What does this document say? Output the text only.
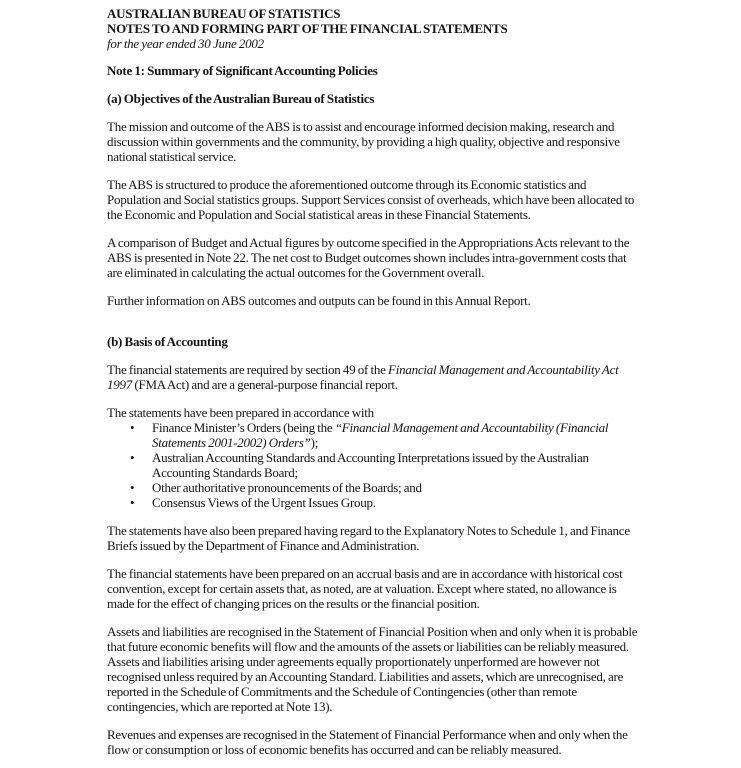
AUSTRALIAN BUREAU OF STATISTICS
NOTES TO AND FORMING PART OF THE FINANCIAL STATEMENTS
for the year ended 30 June 2002
Note 1: Summary of Significant Accounting Policies
(a) Objectives of the Australian Bureau of Statistics

The mission and outcome of the ABS is to assist and encourage informed decision making, research and discussion within governments and the community, by providing a high quality, objective and responsive national statistical service.

The ABS is structured to produce the aforementioned outcome through its Economic statistics and Population and Social statistics groups. Support Services consist of overheads, which have been allocated to the Economic and Population and Social statistical areas in these Financial Statements.

A comparison of Budget and Actual figures by outcome specified in the Appropriations Acts relevant to the ABS is presented in Note 22. The net cost to Budget outcomes shown includes intra-government costs that are eliminated in calculating the actual outcomes for the Government overall.

Further information on ABS outcomes and outputs can be found in this Annual Report.

(b) Basis of Accounting

The financial statements are required by section 49 of the Financial Management and Accountability Act 1997 (FMA Act) and are a general-purpose financial report.

The statements have been prepared in accordance with

• Finance Minister’s Orders (being the “Financial Management and Accountability (Financial Statements 2001-2002) Orders”);
• Australian Accounting Standards and Accounting Interpretations issued by the Australian Accounting Standards Board;
• Other authoritative pronouncements of the Boards; and
• Consensus Views of the Urgent Issues Group.

The statements have also been prepared having regard to the Explanatory Notes to Schedule 1, and Finance Briefs issued by the Department of Finance and Administration.

The financial statements have been prepared on an accrual basis and are in accordance with historical cost convention, except for certain assets that, as noted, are at valuation. Except where stated, no allowance is made for the effect of changing prices on the results or the financial position.

Assets and liabilities are recognised in the Statement of Financial Position when and only when it is probable that future economic benefits will flow and the amounts of the assets or liabilities can be reliably measured. Assets and liabilities arising under agreements equally proportionately unperformed are however not recognised unless required by an Accounting Standard. Liabilities and assets, which are unrecognised, are reported in the Schedule of Commitments and the Schedule of Contingencies (other than remote contingencies, which are reported at Note 13).

Revenues and expenses are recognised in the Statement of Financial Performance when and only when the flow or consumption or loss of economic benefits has occurred and can be reliably measured.
